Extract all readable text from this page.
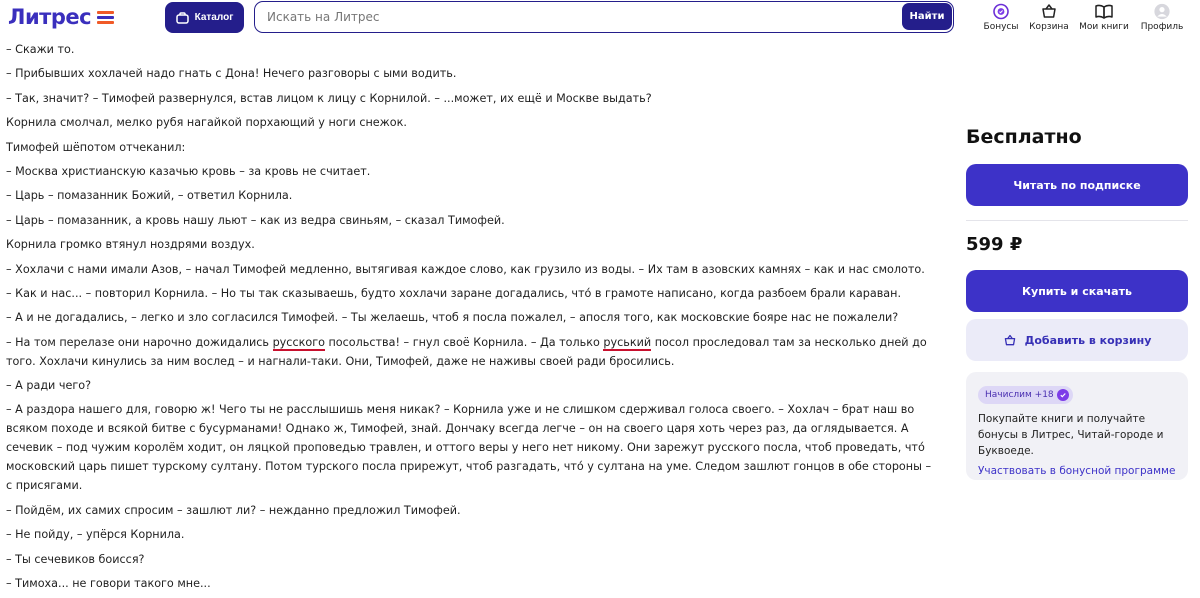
Литрес	Каталог
Искать на Литрес	Найти
Бонусы Корзина Мои книги Профиль

– Скажи то.

– Прибывших хохлачей надо гнать с Дона! Нечего разговоры с ыми водить.

– Так, значит? – Тимофей развернулся, встав лицом к лицу с Корнилой. – ...может, их ещё и Москве выдать?

Корнила смолчал, мелко рубя нагайкой порхающий у ноги снежок.

Тимофей шёпотом отчеканил:

– Москва христианскую казачью кровь – за кровь не считает.

– Царь – помазанник Божий, – ответил Корнила.

– Царь – помазанник, а кровь нашу льют – как из ведра свиньям, – сказал Тимофей.

Корнила громко втянул ноздрями воздух.

– Хохлачи с нами имали Азов, – начал Тимофей медленно, вытягивая каждое слово, как грузило из воды. – Их там в азовских камнях – как и нас смолото.

– Как и нас... – повторил Корнила. – Но ты так сказываешь, будто хохлачи заране догадались, что́ в грамоте написано, когда разбоем брали караван.

– А и не догадались, – легко и зло согласился Тимофей. – Ты желаешь, чтоб я посла пожалел, – апосля того, как московские бояре нас не пожалели?

– На том перелазе они нарочно дожидались русского посольства! – гнул своё Корнила. – Да только руський посол проследовал там за несколько дней до того. Хохлачи кинулись за ним вослед – и нагнали-таки. Они, Тимофей, даже не наживы своей ради бросились.

– А ради чего?

– А раздора нашего для, говорю ж! Чего ты не расслышишь меня никак? – Корнила уже и не слишком сдерживал голоса своего. – Хохлач – брат наш во всяком походе и всякой битве с бусурманами! Однако ж, Тимофей, знай. Дончаку всегда легче – он на своего царя хоть через раз, да оглядывается. А сечевик – под чужим королём ходит, он ляцкой проповедью травлен, и оттого веры у него нет никому. Они зарежут русского посла, чтоб проведать, что́ московский царь пишет турскому султану. Потом турского посла прирежут, чтоб разгадать, что́ у султана на уме. Следом зашлют гонцов в обе стороны – с присягами.

– Пойдём, их самих спросим – зашлют ли? – нежданно предложил Тимофей.

– Не пойду, – упёрся Корнила.

– Ты сечевиков боисся?

– Тимоха... не говори такого мне...

Бесплатно
Читать по подписке
599 ₽
Купить и скачать
Добавить в корзину
Начислим +18
Покупайте книги и получайте бонусы в Литрес, Читай-городе и Буквоеде.
Участвовать в бонусной программе
